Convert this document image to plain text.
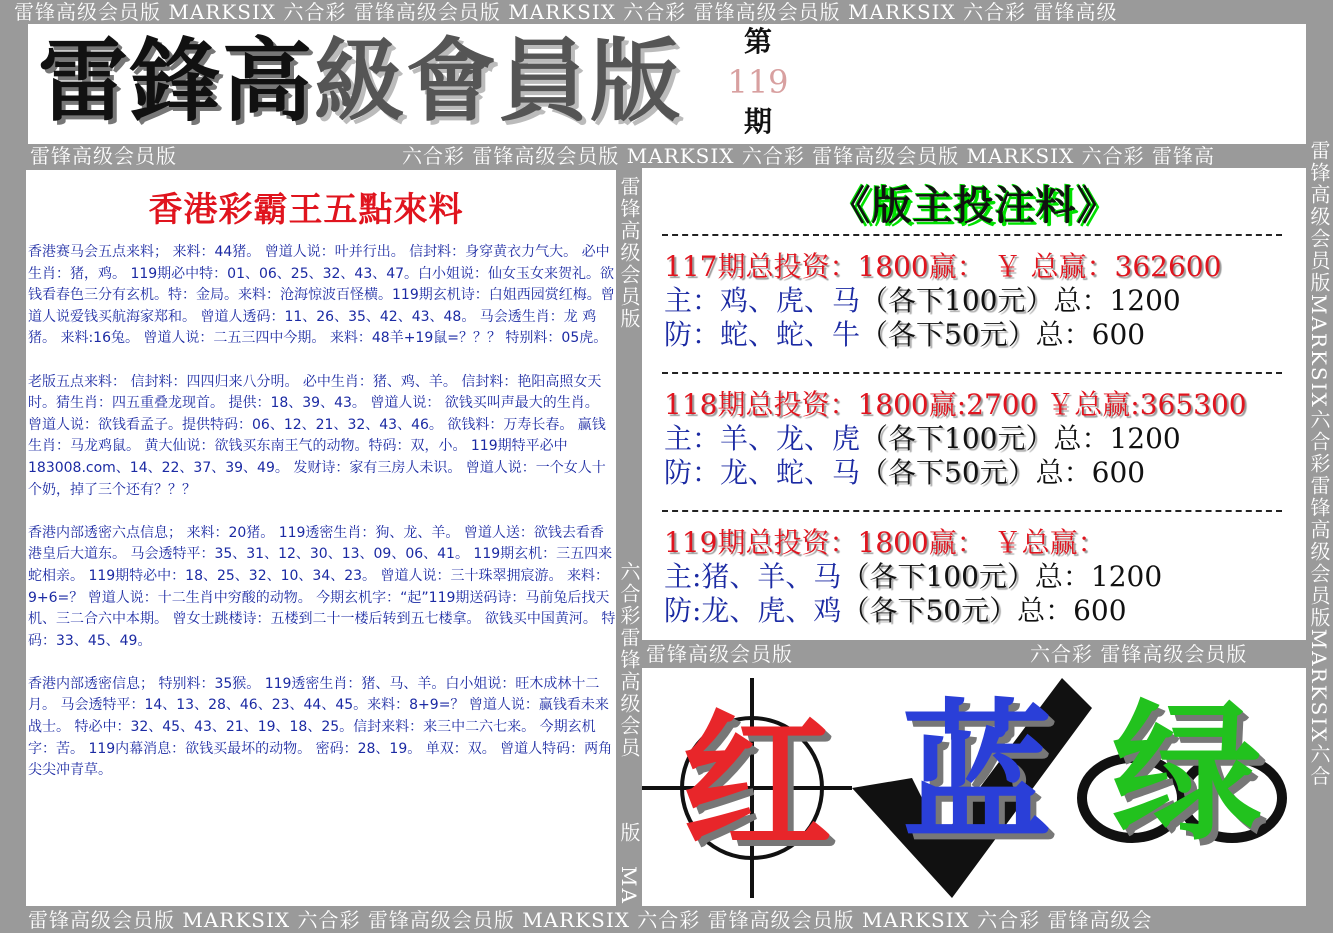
雷锋高级会员版 MARKSIX 六合彩 雷锋高级会员版 MARKSIX 六合彩 雷锋高级会员版 MARKSIX 六合彩 雷锋高级
雷锋高级会员版	六合彩 雷锋高级会员版 MARKSIX 六合彩 雷锋高级会员版 MARKSIX 六合彩 雷锋高
雷锋高级会员版	六合彩 雷锋高级会员版
雷锋高级会员版 MARKSIX 六合彩 雷锋高级会员版 MARKSIX 六合彩 雷锋高级会员版 MARKSIX 六合彩 雷锋高级会
雷锋高级会员版MARKSIX六合彩雷锋高级会员版MARKSIX六合
雷锋高级会员版
六合彩雷锋高级会员
版
MA
雷鋒高級會員版	第
119
期
香港彩霸王五點來料

香港赛马会五点来料； 来料：44猪。 曾道人说：叶并行出。 信封料：身穿黄衣力气大。 必中生肖：猪，鸡。 119期必中特：01、06、25、32、43、47。白小姐说：仙女玉女来贺礼。欲钱看春色三分有玄机。特：金局。来料：沧海惊波百怪横。119期玄机诗：白姐西园赏红梅。曾道人说爱钱买航海家郑和。 曾道人透码：11、26、35、42、43、48。 马会透生肖：龙 鸡 猪。 来料:16兔。 曾道人说：二五三四中今期。 来料：48羊+19鼠=？？？ 特别料：05虎。

老版五点来料： 信封料：四四归来八分明。 必中生肖：猪、鸡、羊。 信封料：艳阳高照女天时。猜生肖：四五重叠龙现首。 提供：18、39、43。 曾道人说： 欲钱买叫声最大的生肖。 曾道人说：欲钱看孟子。提供特码：06、12、21、32、43、46。 欲钱料：万寿长春。 赢钱生肖：马龙鸡鼠。 黄大仙说：欲钱买东南王气的动物。特码：双，小。 119期特平必中183008.com、14、22、37、39、49。 发财诗：家有三房人未识。 曾道人说：一个女人十个奶，掉了三个还有？？？

香港内部透密六点信息； 来料：20猪。 119透密生肖：狗、龙、羊。 曾道人送：欲钱去看香港皇后大道东。 马会透特平：35、31、12、30、13、09、06、41。 119期玄机：三五四来蛇相亲。 119期特必中：18、25、32、10、34、23。 曾道人说：三十珠翠拥宸游。 来料：9+6=？ 曾道人说：十二生肖中穷酸的动物。 今期玄机字：“起”119期送码诗：马前兔后找天机、三二合六中本期。 曾女士跳楼诗：五楼到二十一楼后转到五七楼拿。 欲钱买中国黄河。 特码：33、45、49。

香港内部透密信息； 特别料：35猴。 119透密生肖：猪、马、羊。白小姐说：旺木成林十二月。 马会透特平：14、13、28、46、23、44、45。来料：8+9=？ 曾道人说：赢钱看未来战士。 特必中：32、45、43、21、19、18、25。信封来料：来三中二六七来。 今期玄机字：苦。 119内幕消息：欲钱买最坏的动物。 密码：28、19。 单双：双。 曾道人特码：两角尖尖冲青草。

《版主投注料》
117期总投资：1800赢： ￥ 总赢：362600
主：鸡、虎、马（各下100元）总：1200
防：蛇、蛇、牛（各下50元）总：600
118期总投资：1800赢:2700 ￥总赢:365300
主：羊、龙、虎（各下100元）总：1200
防：龙、蛇、马（各下50元）总：600
119期总投资：1800赢： ￥总赢：
主:猪、羊、马（各下100元）总：1200
防:龙、虎、鸡（各下50元）总：600
红 蓝 绿
